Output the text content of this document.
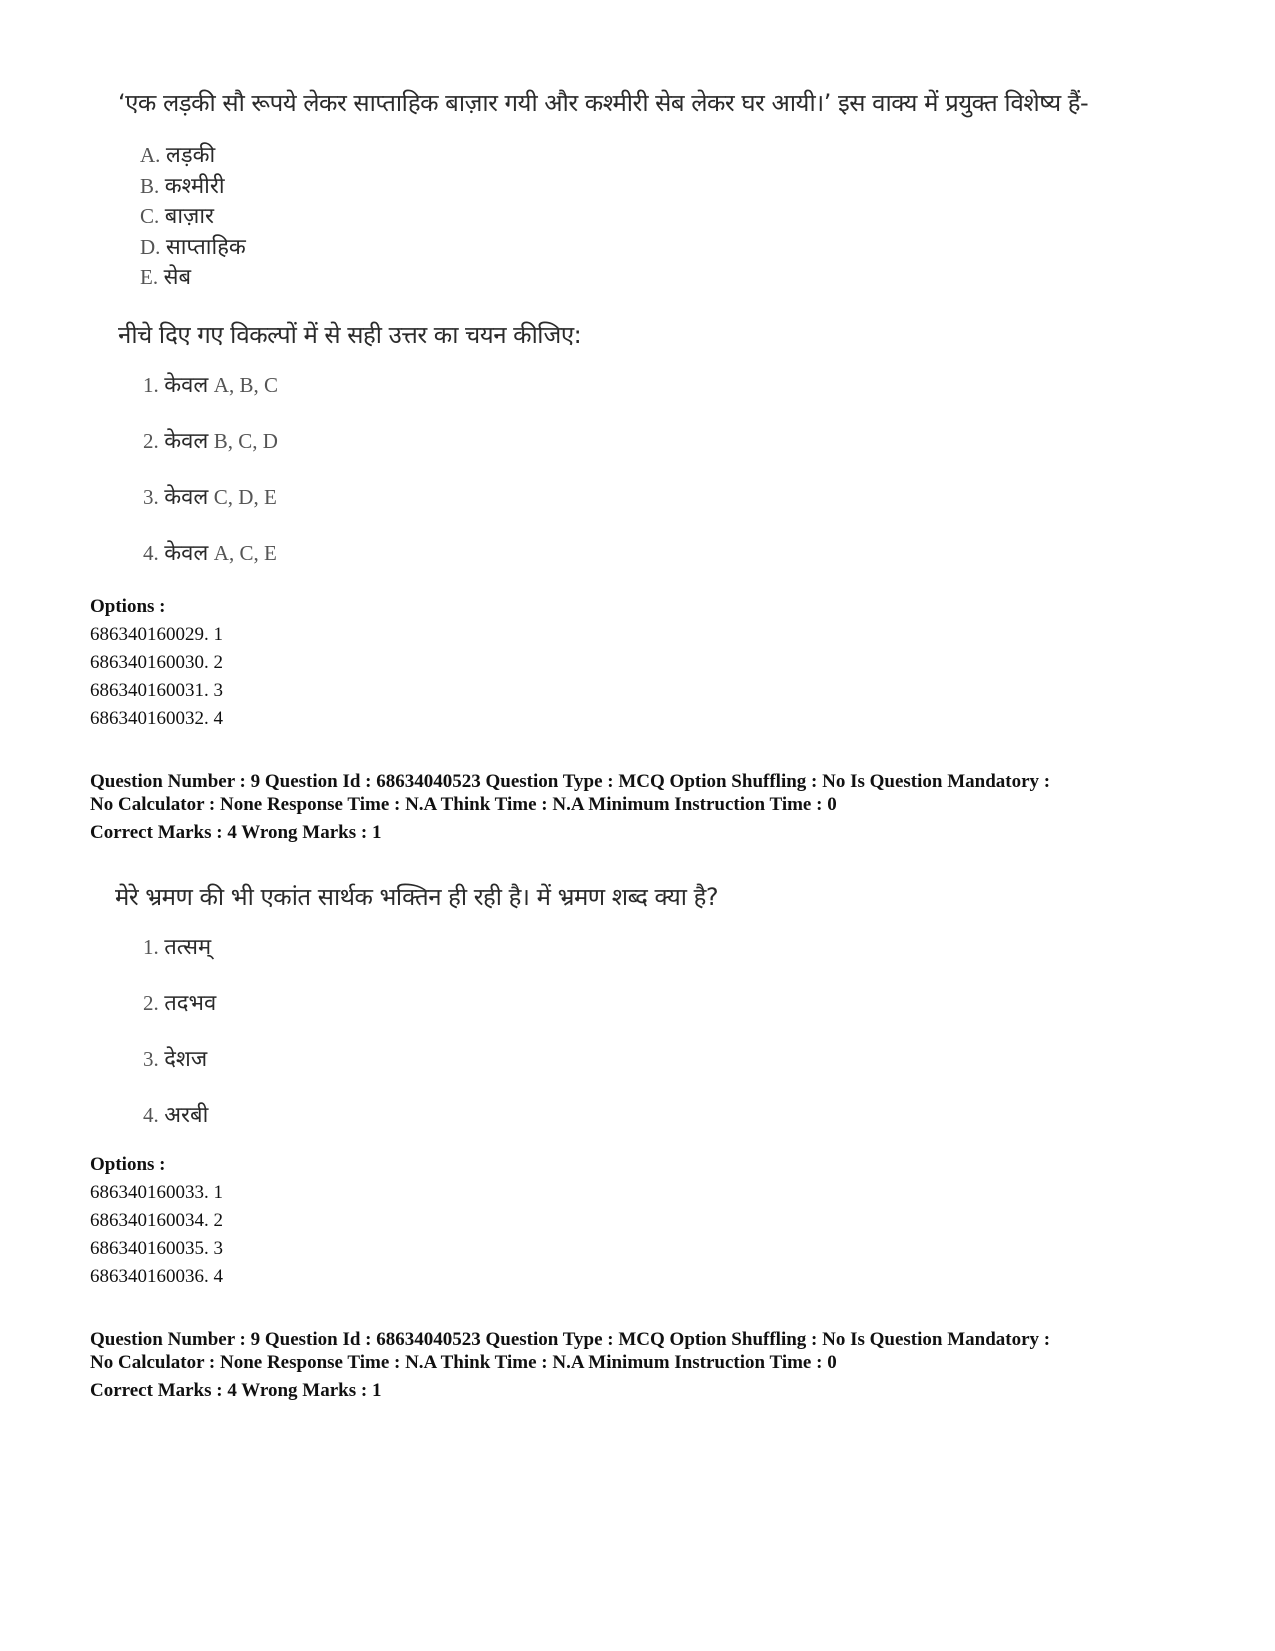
‘एक लड़की सौ रूपये लेकर साप्ताहिक बाज़ार गयी और कश्मीरी सेब लेकर घर आयी।’ इस वाक्य में प्रयुक्त विशेष्य हैं-
A. लड़की
B. कश्मीरी
C. बाज़ार
D. साप्ताहिक
E. सेब
नीचे दिए गए विकल्पों में से सही उत्तर का चयन कीजिए:
1. केवल A, B, C
2. केवल B, C, D
3. केवल C, D, E
4. केवल A, C, E
Options :
686340160029. 1
686340160030. 2
686340160031. 3
686340160032. 4
Question Number : 9 Question Id : 68634040523 Question Type : MCQ Option Shuffling : No Is Question Mandatory :
No Calculator : None Response Time : N.A Think Time : N.A Minimum Instruction Time : 0
Correct Marks : 4 Wrong Marks : 1
मेरे भ्रमण की भी एकांत सार्थक भक्तिन ही रही है। में भ्रमण शब्द क्या है?
1. तत्सम्
2. तदभव
3. देशज
4. अरबी
Options :
686340160033. 1
686340160034. 2
686340160035. 3
686340160036. 4
Question Number : 9 Question Id : 68634040523 Question Type : MCQ Option Shuffling : No Is Question Mandatory :
No Calculator : None Response Time : N.A Think Time : N.A Minimum Instruction Time : 0
Correct Marks : 4 Wrong Marks : 1
